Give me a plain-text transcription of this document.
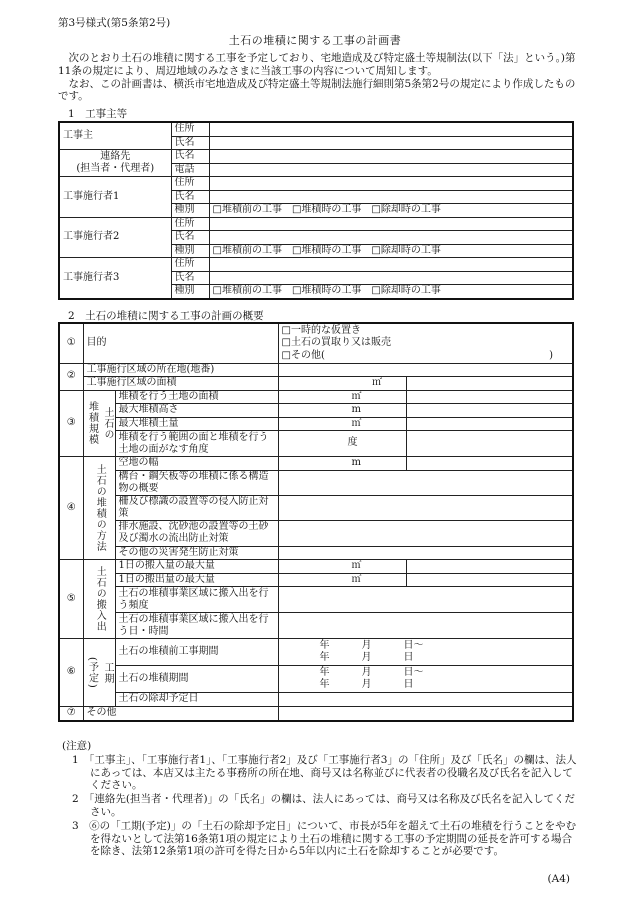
第3号様式(第5条第2号)
土石の堆積に関する工事の計画書

次のとおり土石の堆積に関する工事を予定しており、宅地造成及び特定盛土等規制法(以下「法」という。)第11条の規定により、周辺地域のみなさまに当該工事の内容について周知します。

なお、この計画書は、横浜市宅地造成及び特定盛土等規制法施行細則第5条第2号の規定により作成したものです。

1　工事主等
工事主	住所	
	氏名	

連絡先
(担当者・代理者)	氏名	
	電話	
工事施行者1	住所	
	氏名	
	種別	□堆積前の工事　□堆積時の工事　□除却時の工事
工事施行者2	住所	
	氏名	
	種別	□堆積前の工事　□堆積時の工事　□除却時の工事
工事施行者3	住所	
	氏名	
	種別	□堆積前の工事　□堆積時の工事　□除却時の工事
2　土石の堆積に関する工事の計画の概要
①	目的			□一時的な仮置き
□土石の買取り又は販売
□その他( )	

②	工事施行区域の所在地(地番)				
	工事施行区域の面積			㎡	
③	堆積規模	土石の	堆積を行う土地の面積	㎡	
			最大堆積高さ	m	
			最大堆積土量	㎥	
			堆積を行う範囲の面と堆積を行う土地の面がなす角度	度	
④	土石の堆積の方法		空地の幅	m	
			構台・鋼矢板等の堆積に係る構造物の概要		
			柵及び標識の設置等の侵入防止対策		
			排水施設、沈砂池の設置等の土砂及び濁水の流出防止対策		
			その他の災害発生防止対策		
⑤	土石の搬入出		1日の搬入量の最大量	㎥	
			1日の搬出量の最大量	㎥	
			土石の堆積事業区域に搬入出を行う頻度		
			土石の堆積事業区域に搬入出を行う日・時間		
⑥	(予定)	工期	土石の堆積前工事期間	年 月 日〜
年 月 日	

			土石の堆積期間	年 月 日〜
年 月 日	

			土石の除却予定日		
⑦	その他				
(注意)
1　「工事主」、「工事施行者1」、「工事施行者2」及び「工事施行者3」の「住所」及び「氏名」の欄は、法人にあっては、本店又は主たる事務所の所在地、商号又は名称並びに代表者の役職名及び氏名を記入してください。
2　「連絡先(担当者・代理者)」の「氏名」の欄は、法人にあっては、商号又は名称及び氏名を記入してください。
3　⑥の「工期(予定)」の「土石の除却予定日」について、市長が5年を超えて土石の堆積を行うことをやむを得ないとして法第16条第1項の規定により土石の堆積に関する工事の予定期間の延長を許可する場合を除き、法第12条第1項の許可を得た日から5年以内に土石を除却することが必要です。
(A4)
